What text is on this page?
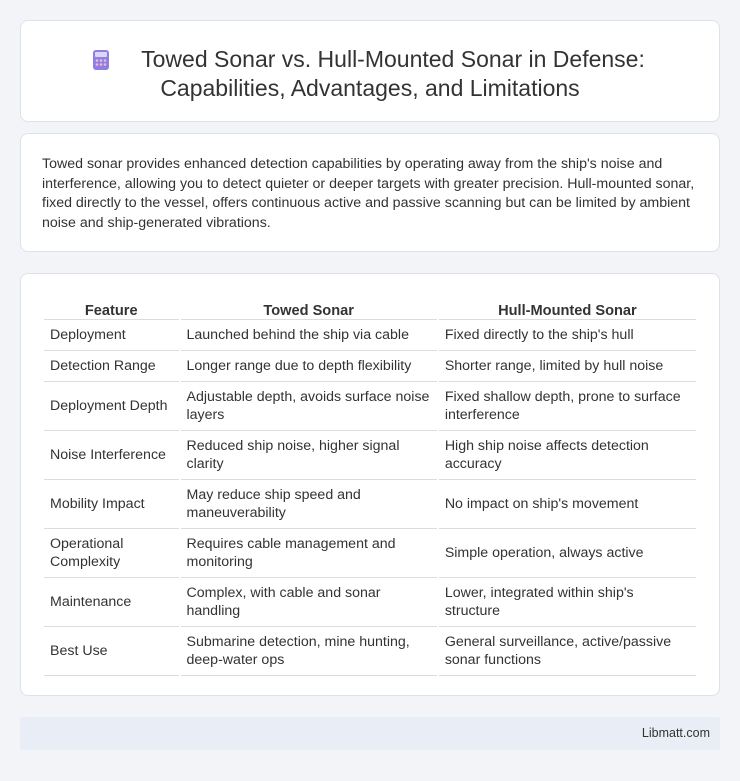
Towed Sonar vs. Hull-Mounted Sonar in Defense:
Capabilities, Advantages, and Limitations

Towed sonar provides enhanced detection capabilities by operating away from the ship's noise and interference, allowing you to detect quieter or deeper targets with greater precision. Hull-mounted sonar, fixed directly to the vessel, offers continuous active and passive scanning but can be limited by ambient noise and ship-generated vibrations.

Feature	Towed Sonar	Hull-Mounted Sonar
Deployment	Launched behind the ship via cable	Fixed directly to the ship's hull
Detection Range	Longer range due to depth flexibility	Shorter range, limited by hull noise
Deployment Depth	Adjustable depth, avoids surface noise layers	Fixed shallow depth, prone to surface interference
Noise Interference	Reduced ship noise, higher signal clarity	High ship noise affects detection accuracy
Mobility Impact	May reduce ship speed and maneuverability	No impact on ship's movement
Operational Complexity	Requires cable management and monitoring	Simple operation, always active
Maintenance	Complex, with cable and sonar handling	Lower, integrated within ship's structure
Best Use	Submarine detection, mine hunting, deep-water ops	General surveillance, active/passive sonar functions
Libmatt.com
